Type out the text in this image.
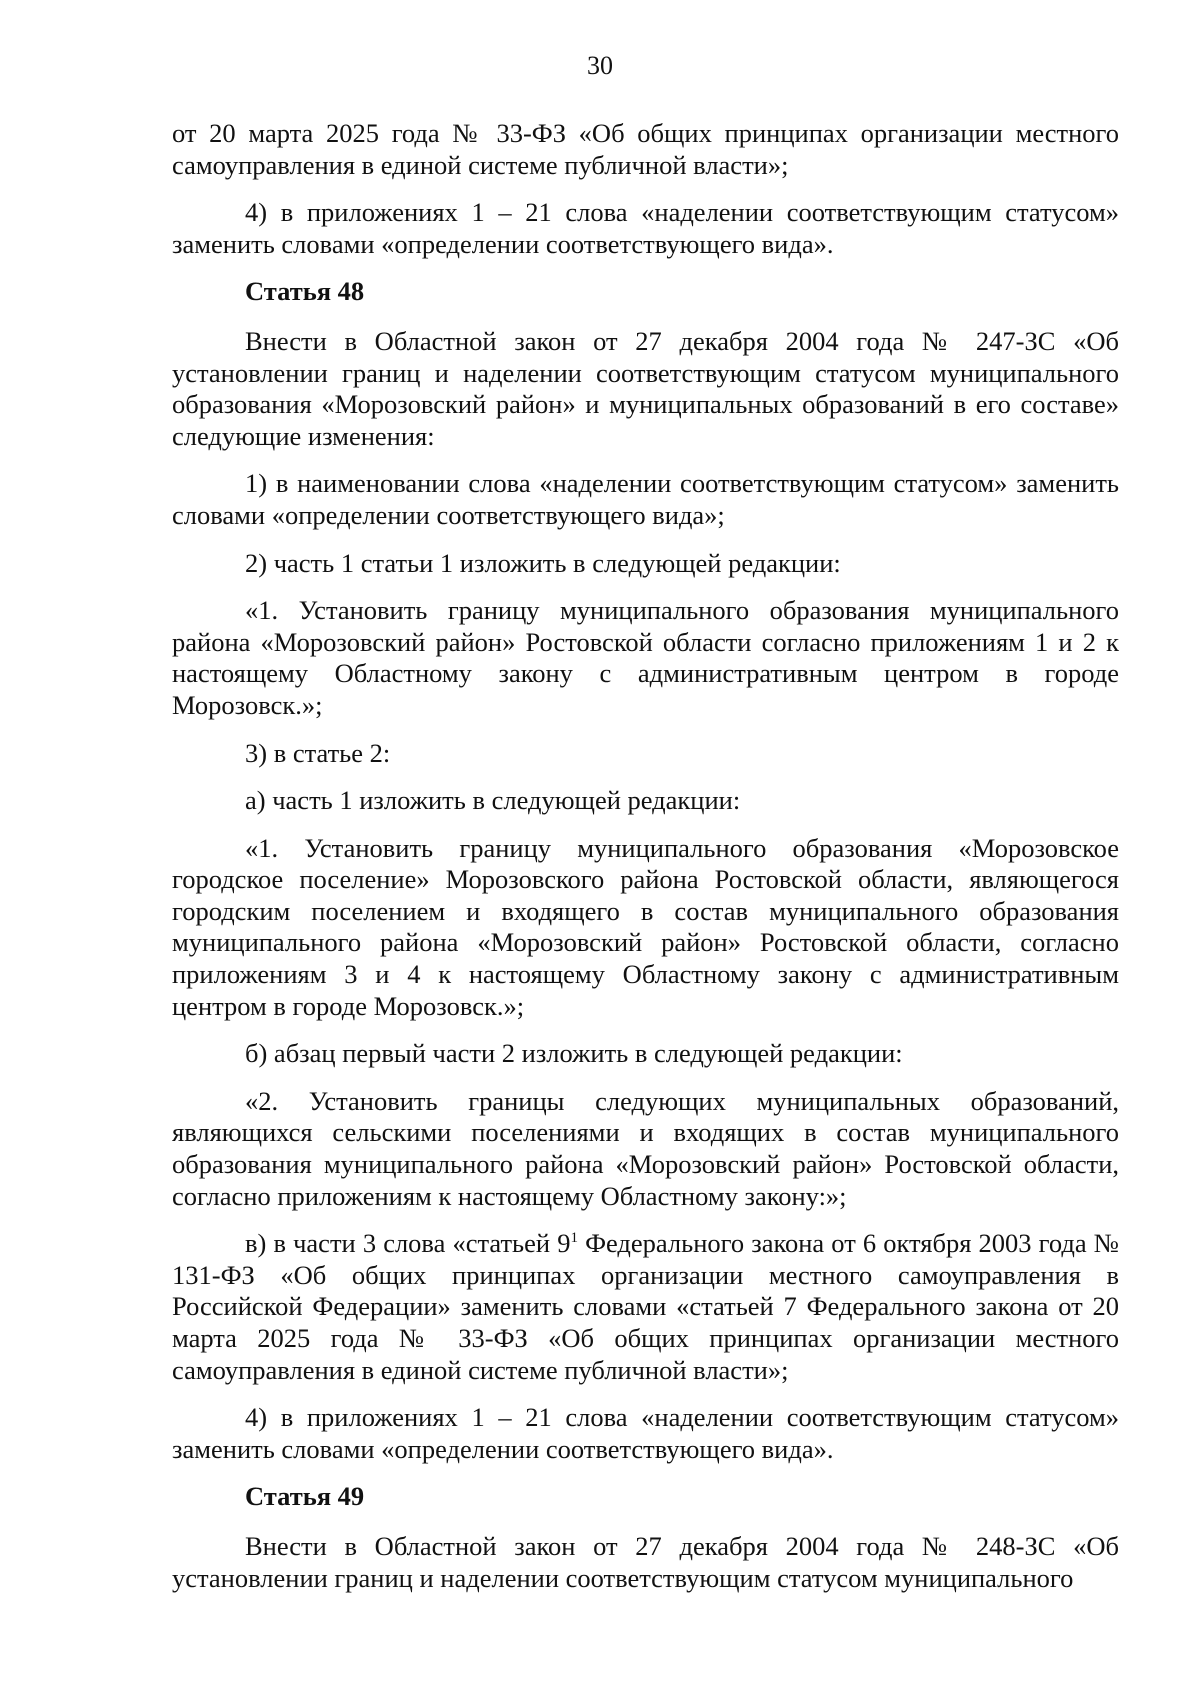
30

от 20 марта 2025 года № 33-ФЗ «Об общих принципах организации местного самоуправления в единой системе публичной власти»;

4) в приложениях 1 – 21 слова «наделении соответствующим статусом» заменить словами «определении соответствующего вида».

Статья 48

Внести в Областной закон от 27 декабря 2004 года № 247-ЗС «Об установлении границ и наделении соответствующим статусом муниципального образования «Морозовский район» и муниципальных образований в его составе» следующие изменения:

1) в наименовании слова «наделении соответствующим статусом» заменить словами «определении соответствующего вида»;

2) часть 1 статьи 1 изложить в следующей редакции:

«1. Установить границу муниципального образования муниципального района «Морозовский район» Ростовской области согласно приложениям 1 и 2 к настоящему Областному закону с административным центром в городе Морозовск.»;

3) в статье 2:

а) часть 1 изложить в следующей редакции:

«1. Установить границу муниципального образования «Морозовское городское поселение» Морозовского района Ростовской области, являющегося городским поселением и входящего в состав муниципального образования муниципального района «Морозовский район» Ростовской области, согласно приложениям 3 и 4 к настоящему Областному закону с административным центром в городе Морозовск.»;

б) абзац первый части 2 изложить в следующей редакции:

«2. Установить границы следующих муниципальных образований, являющихся сельскими поселениями и входящих в состав муниципального образования муниципального района «Морозовский район» Ростовской области, согласно приложениям к настоящему Областному закону:»;

в) в части 3 слова «статьей $9^1$ Федерального закона от 6 октября 2003 года № 131-ФЗ «Об общих принципах организации местного самоуправления в Российской Федерации» заменить словами «статьей 7 Федерального закона от 20 марта 2025 года № 33-ФЗ «Об общих принципах организации местного самоуправления в единой системе публичной власти»;

4) в приложениях 1 – 21 слова «наделении соответствующим статусом» заменить словами «определении соответствующего вида».

Статья 49

Внести в Областной закон от 27 декабря 2004 года № 248-ЗС «Об установлении границ и наделении соответствующим статусом муниципального
